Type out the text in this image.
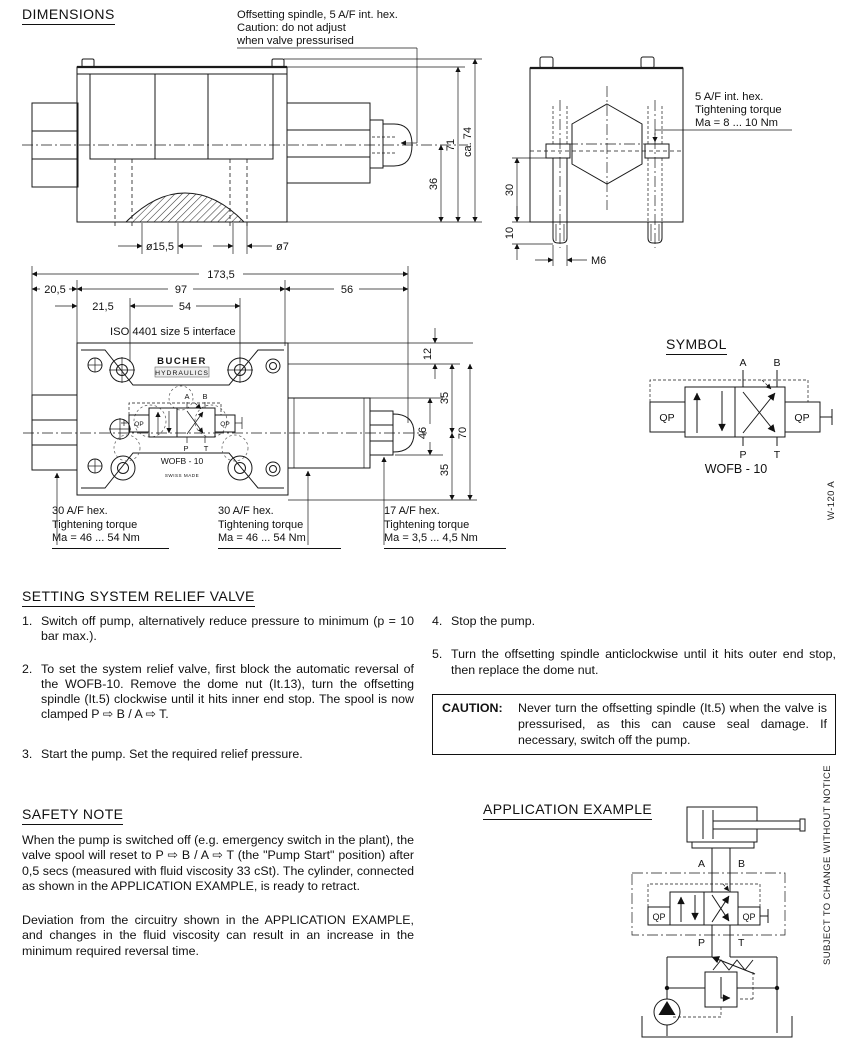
DIMENSIONS	Offsetting spindle, 5 A/F int. hex.
Caution: do not adjust
when valve pressurised
ø15,5	ø7
36
71 ca. 74
5 A/F int. hex.
Tightening torque
Ma = 8 ... 10 Nm
30
10
M6
173,5
20,5	97	56
21,5	54
ISO 4401 size 5 interface
BUCHER
HYDRAULICS
A B
P T
QP	QP
WOFB - 10
SWISS MADE
12
35
46	70
35
30 A/F hex.
Tightening torque
Ma = 46 ... 54 Nm
30 A/F hex.
Tightening torque
Ma = 46 ... 54 Nm
17 A/F hex.
Tightening torque
Ma = 3,5 ... 4,5 Nm
SYMBOL
A	B
QP	QP
P	T
WOFB - 10
W-120 A
SETTING SYSTEM RELIEF VALVE
1. Switch off pump, alternatively reduce pressure to minimum (p = 10 bar max.).
2. To set the system relief valve, first block the automatic reversal of the WOFB-10. Remove the dome nut (It.13), turn the offsetting spindle (It.5) clockwise until it hits inner end stop. The spool is now clamped P ⇨ B / A ⇨ T.
3. Start the pump. Set the required relief pressure.
4. Stop the pump.
5. Turn the offsetting spindle anticlockwise until it hits outer end stop, then replace the dome nut.
CAUTION:	Never turn the offsetting spindle (It.5) when the valve is pressurised, as this can cause seal damage. If necessary, switch off the pump.
SAFETY NOTE

When the pump is switched off (e.g. emergency switch in the plant), the valve spool will reset to P ⇨ B / A ⇨ T (the "Pump Start" position) after 0,5 secs (measured with fluid viscosity 33 cSt). The cylinder, connected as shown in the APPLICATION EXAMPLE, is ready to retract.

Deviation from the circuitry shown in the APPLICATION EXAMPLE, and changes in the fluid viscosity can result in an increase in the minimum required reversal time.

APPLICATION EXAMPLE
A	B
QP	QP
P	T	SUBJECT TO CHANGE WITHOUT NOTICE
